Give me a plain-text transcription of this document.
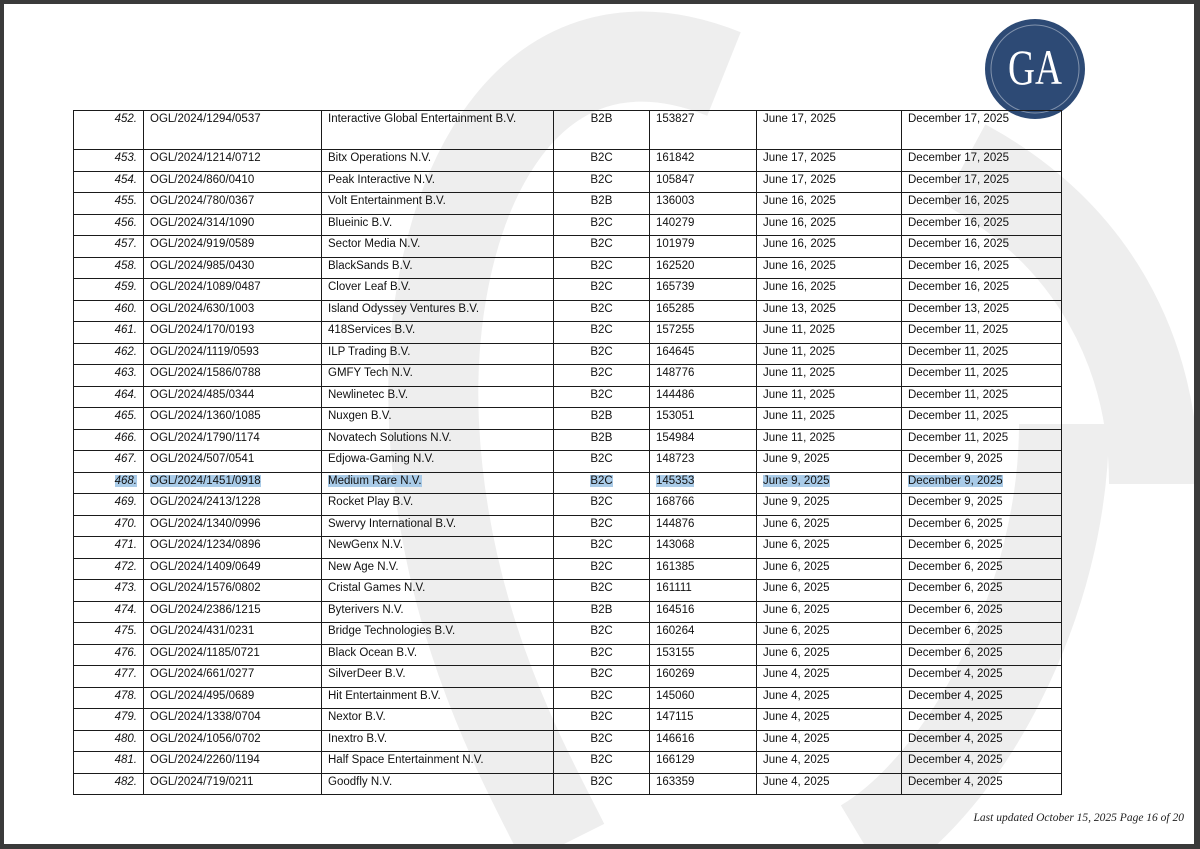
GA
452.	OGL/2024/1294/0537	Interactive Global Entertainment B.V.	B2B	153827	June 17, 2025	December 17, 2025
453.	OGL/2024/1214/0712	Bitx Operations N.V.	B2C	161842	June 17, 2025	December 17, 2025
454.	OGL/2024/860/0410	Peak Interactive N.V.	B2C	105847	June 17, 2025	December 17, 2025
455.	OGL/2024/780/0367	Volt Entertainment B.V.	B2B	136003	June 16, 2025	December 16, 2025
456.	OGL/2024/314/1090	Blueinic B.V.	B2C	140279	June 16, 2025	December 16, 2025
457.	OGL/2024/919/0589	Sector Media N.V.	B2C	101979	June 16, 2025	December 16, 2025
458.	OGL/2024/985/0430	BlackSands B.V.	B2C	162520	June 16, 2025	December 16, 2025
459.	OGL/2024/1089/0487	Clover Leaf B.V.	B2C	165739	June 16, 2025	December 16, 2025
460.	OGL/2024/630/1003	Island Odyssey Ventures B.V.	B2C	165285	June 13, 2025	December 13, 2025
461.	OGL/2024/170/0193	418Services B.V.	B2C	157255	June 11, 2025	December 11, 2025
462.	OGL/2024/1119/0593	ILP Trading B.V.	B2C	164645	June 11, 2025	December 11, 2025
463.	OGL/2024/1586/0788	GMFY Tech N.V.	B2C	148776	June 11, 2025	December 11, 2025
464.	OGL/2024/485/0344	Newlinetec B.V.	B2C	144486	June 11, 2025	December 11, 2025
465.	OGL/2024/1360/1085	Nuxgen B.V.	B2B	153051	June 11, 2025	December 11, 2025
466.	OGL/2024/1790/1174	Novatech Solutions N.V.	B2B	154984	June 11, 2025	December 11, 2025
467.	OGL/2024/507/0541	Edjowa-Gaming N.V.	B2C	148723	June 9, 2025	December 9, 2025
468.	OGL/2024/1451/0918	Medium Rare N.V.	B2C	145353	June 9, 2025	December 9, 2025
469.	OGL/2024/2413/1228	Rocket Play B.V.	B2C	168766	June 9, 2025	December 9, 2025
470.	OGL/2024/1340/0996	Swervy International B.V.	B2C	144876	June 6, 2025	December 6, 2025
471.	OGL/2024/1234/0896	NewGenx N.V.	B2C	143068	June 6, 2025	December 6, 2025
472.	OGL/2024/1409/0649	New Age N.V.	B2C	161385	June 6, 2025	December 6, 2025
473.	OGL/2024/1576/0802	Cristal Games N.V.	B2C	161111	June 6, 2025	December 6, 2025
474.	OGL/2024/2386/1215	Byterivers N.V.	B2B	164516	June 6, 2025	December 6, 2025
475.	OGL/2024/431/0231	Bridge Technologies B.V.	B2C	160264	June 6, 2025	December 6, 2025
476.	OGL/2024/1185/0721	Black Ocean B.V.	B2C	153155	June 6, 2025	December 6, 2025
477.	OGL/2024/661/0277	SilverDeer B.V.	B2C	160269	June 4, 2025	December 4, 2025
478.	OGL/2024/495/0689	Hit Entertainment B.V.	B2C	145060	June 4, 2025	December 4, 2025
479.	OGL/2024/1338/0704	Nextor B.V.	B2C	147115	June 4, 2025	December 4, 2025
480.	OGL/2024/1056/0702	Inextro B.V.	B2C	146616	June 4, 2025	December 4, 2025
481.	OGL/2024/2260/1194	Half Space Entertainment N.V.	B2C	166129	June 4, 2025	December 4, 2025
482.	OGL/2024/719/0211	Goodfly N.V.	B2C	163359	June 4, 2025	December 4, 2025
Last updated October 15, 2025 Page 16 of 20
